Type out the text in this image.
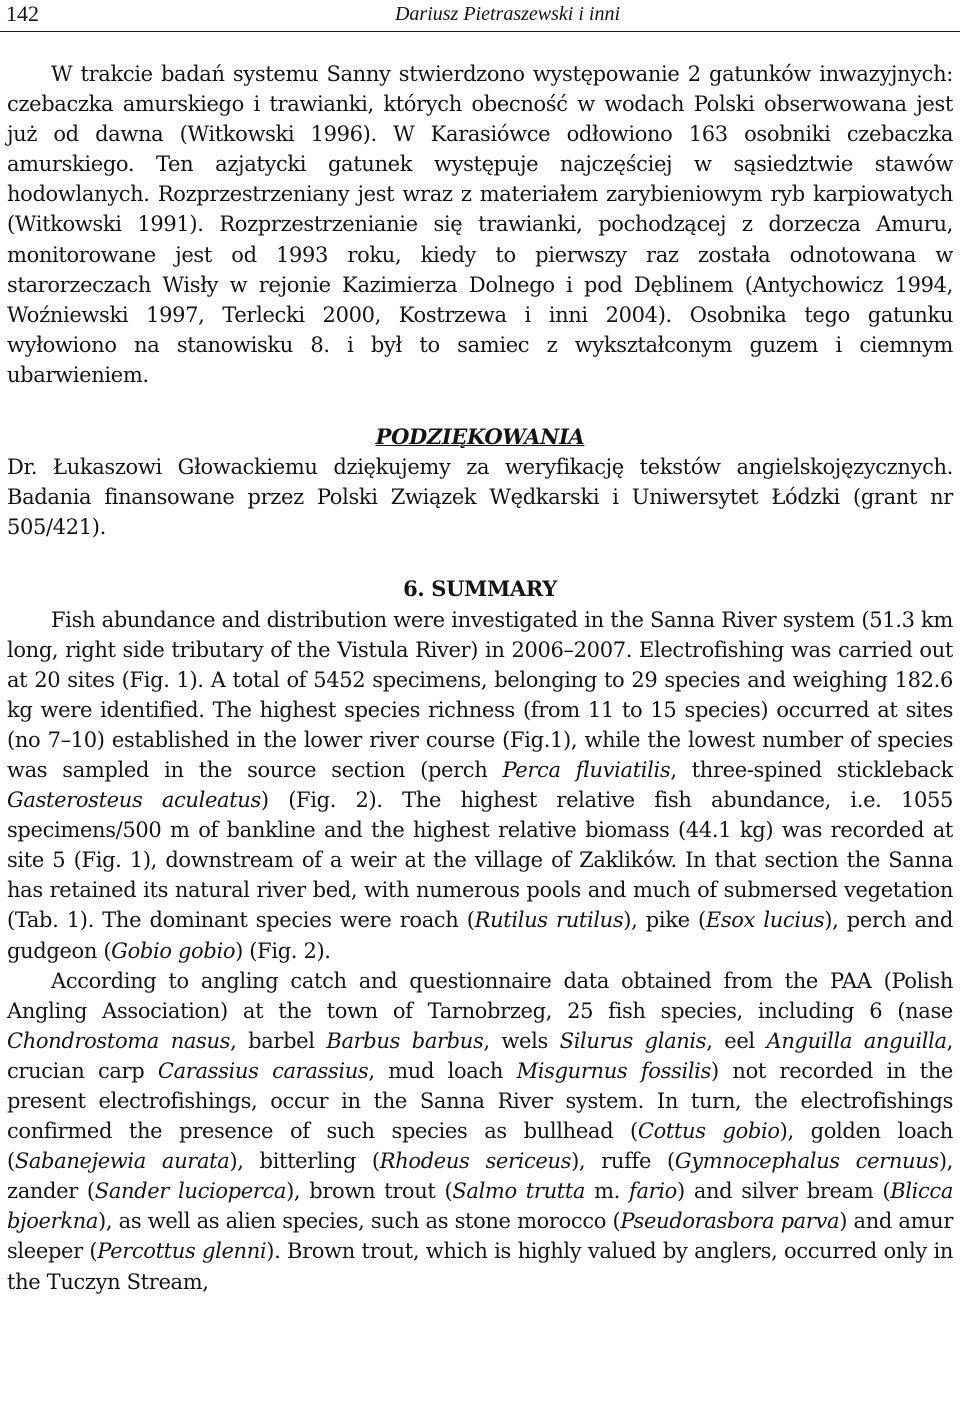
142	Dariusz Pietraszewski i inni

W trakcie badań systemu Sanny stwierdzono występowanie 2 gatunków inwazyjnych: czebaczka amurskiego i trawianki, których obecność w wodach Polski obserwowana jest już od dawna (Witkowski 1996). W Karasiówce odłowiono 163 osobniki czebaczka amurskiego. Ten azjatycki gatunek występuje najczęściej w sąsiedztwie stawów hodowlanych. Rozprzestrzeniany jest wraz z materiałem zarybieniowym ryb karpiowatych (Witkowski 1991). Rozprzestrzenianie się trawianki, pochodzącej z dorzecza Amuru, monitorowane jest od 1993 roku, kiedy to pierwszy raz została odnotowana w starorzeczach Wisły w rejonie Kazimierza Dolnego i pod Dęblinem (Antychowicz 1994, Woźniewski 1997, Terlecki 2000, Kostrzewa i inni 2004). Osobnika tego gatunku wyłowiono na stanowisku 8. i był to samiec z wykształconym guzem i ciemnym ubarwieniem.

PODZIĘKOWANIA

Dr. Łukaszowi Głowackiemu dziękujemy za weryfikację tekstów angielskojęzycznych. Badania finansowane przez Polski Związek Wędkarski i Uniwersytet Łódzki (grant nr 505/421).

6. SUMMARY

Fish abundance and distribution were investigated in the Sanna River system (51.3 km long, right side tributary of the Vistula River) in 2006–2007. Electrofishing was carried out at 20 sites (Fig. 1). A total of 5452 specimens, belonging to 29 species and weighing 182.6 kg were identified. The highest species richness (from 11 to 15 species) occurred at sites (no 7–10) established in the lower river course (Fig.1), while the lowest number of species was sampled in the source section (perch Perca fluviatilis, three-spined stickleback Gasterosteus aculeatus) (Fig. 2). The highest relative fish abundance, i.e. 1055 specimens/500 m of bankline and the highest relative biomass (44.1 kg) was recorded at site 5 (Fig. 1), downstream of a weir at the village of Zaklików. In that section the Sanna has retained its natural river bed, with numerous pools and much of submersed vegetation (Tab. 1). The dominant species were roach (Rutilus rutilus), pike (Esox lucius), perch and gudgeon (Gobio gobio) (Fig. 2).

According to angling catch and questionnaire data obtained from the PAA (Polish Angling Association) at the town of Tarnobrzeg, 25 fish species, including 6 (nase Chondrostoma nasus, barbel Barbus barbus, wels Silurus glanis, eel Anguilla anguilla, crucian carp Carassius carassius, mud loach Misgurnus fossilis) not recorded in the present electrofishings, occur in the Sanna River system. In turn, the electrofishings confirmed the presence of such species as bullhead (Cottus gobio), golden loach (Sabanejewia aurata), bitterling (Rhodeus sericeus), ruffe (Gymnocephalus cernuus), zander (Sander lucioperca), brown trout (Salmo trutta m. fario) and silver bream (Blicca bjoerkna), as well as alien species, such as stone morocco (Pseudorasbora parva) and amur sleeper (Percottus glenni). Brown trout, which is highly valued by anglers, occurred only in the Tuczyn Stream,
